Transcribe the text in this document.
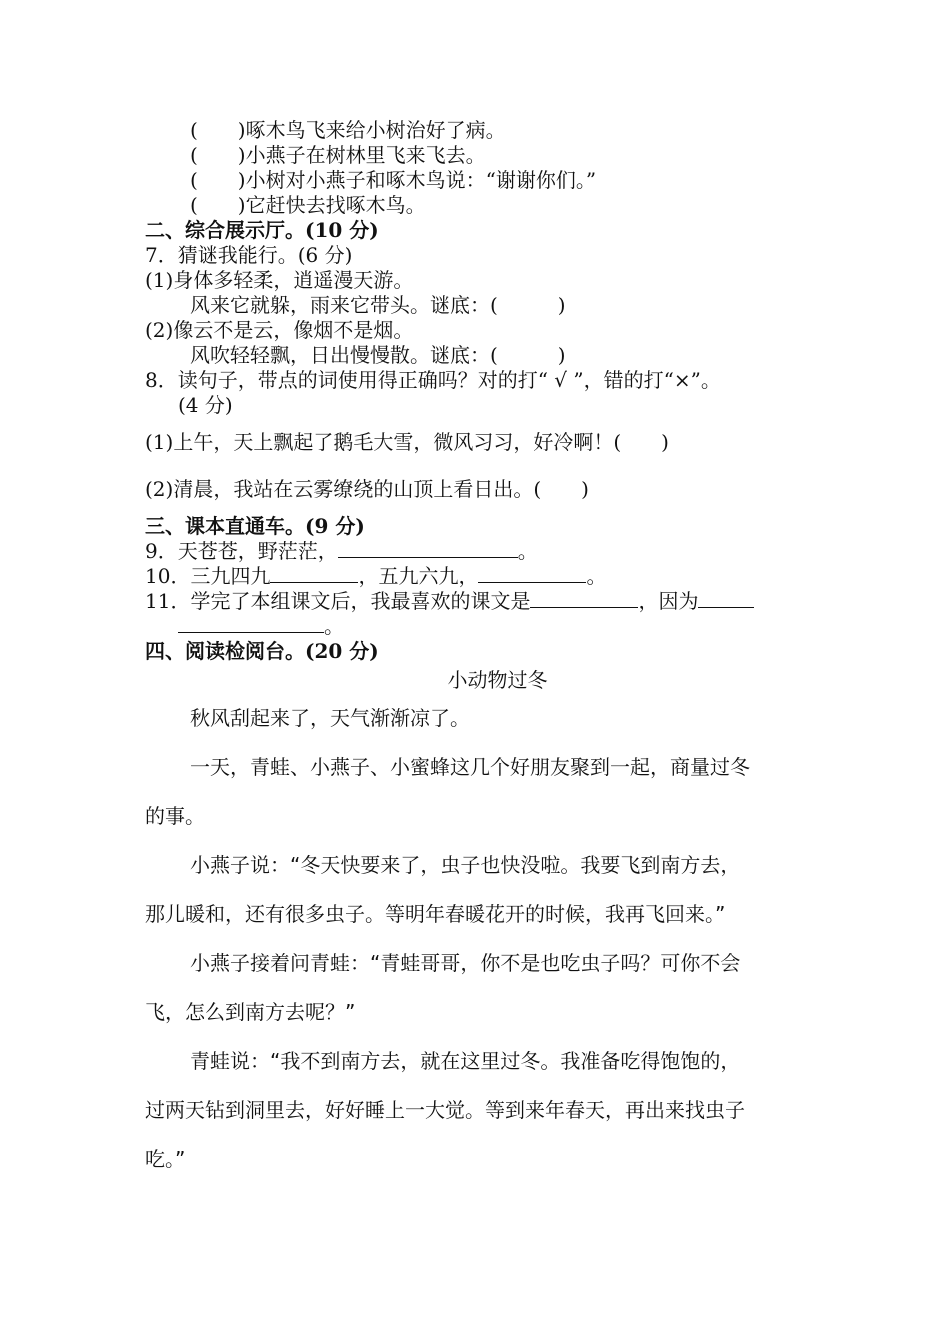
(　　)啄木鸟飞来给小树治好了病。
(　　)小燕子在树林里飞来飞去。
(　　)小树对小燕子和啄木鸟说：“谢谢你们。”
(　　)它赶快去找啄木鸟。
二、综合展示厅。(10 分)
7．猜谜我能行。(6 分)
(1)身体多轻柔，逍遥漫天游。
风来它就躲，雨来它带头。谜底：(　　　)
(2)像云不是云，像烟不是烟。
风吹轻轻飘，日出慢慢散。谜底：(　　　)
8．读句子，带点的词使用得正确吗？对的打“ √ ”，错的打“×”。
(4 分)
(1)上午，天上飘起了鹅毛大雪，微风习习，好冷啊！(　　)
(2)清晨，我站在云雾缭绕的山顶上看日出。(　　)
三、课本直通车。(9 分)
9．天苍苍，野茫茫，	。
10．三九四九	，五九六九，	。
11．学完了本组课文后，我最喜欢的课文是	，因为
。
四、阅读检阅台。(20 分)
小动物过冬
秋风刮起来了，天气渐渐凉了。
一天，青蛙、小燕子、小蜜蜂这几个好朋友聚到一起，商量过冬
的事。
小燕子说：“冬天快要来了，虫子也快没啦。我要飞到南方去，
那儿暖和，还有很多虫子。等明年春暖花开的时候，我再飞回来。”
小燕子接着问青蛙：“青蛙哥哥，你不是也吃虫子吗？可你不会
飞，怎么到南方去呢？”
青蛙说：“我不到南方去，就在这里过冬。我准备吃得饱饱的，
过两天钻到洞里去，好好睡上一大觉。等到来年春天，再出来找虫子
吃。”
